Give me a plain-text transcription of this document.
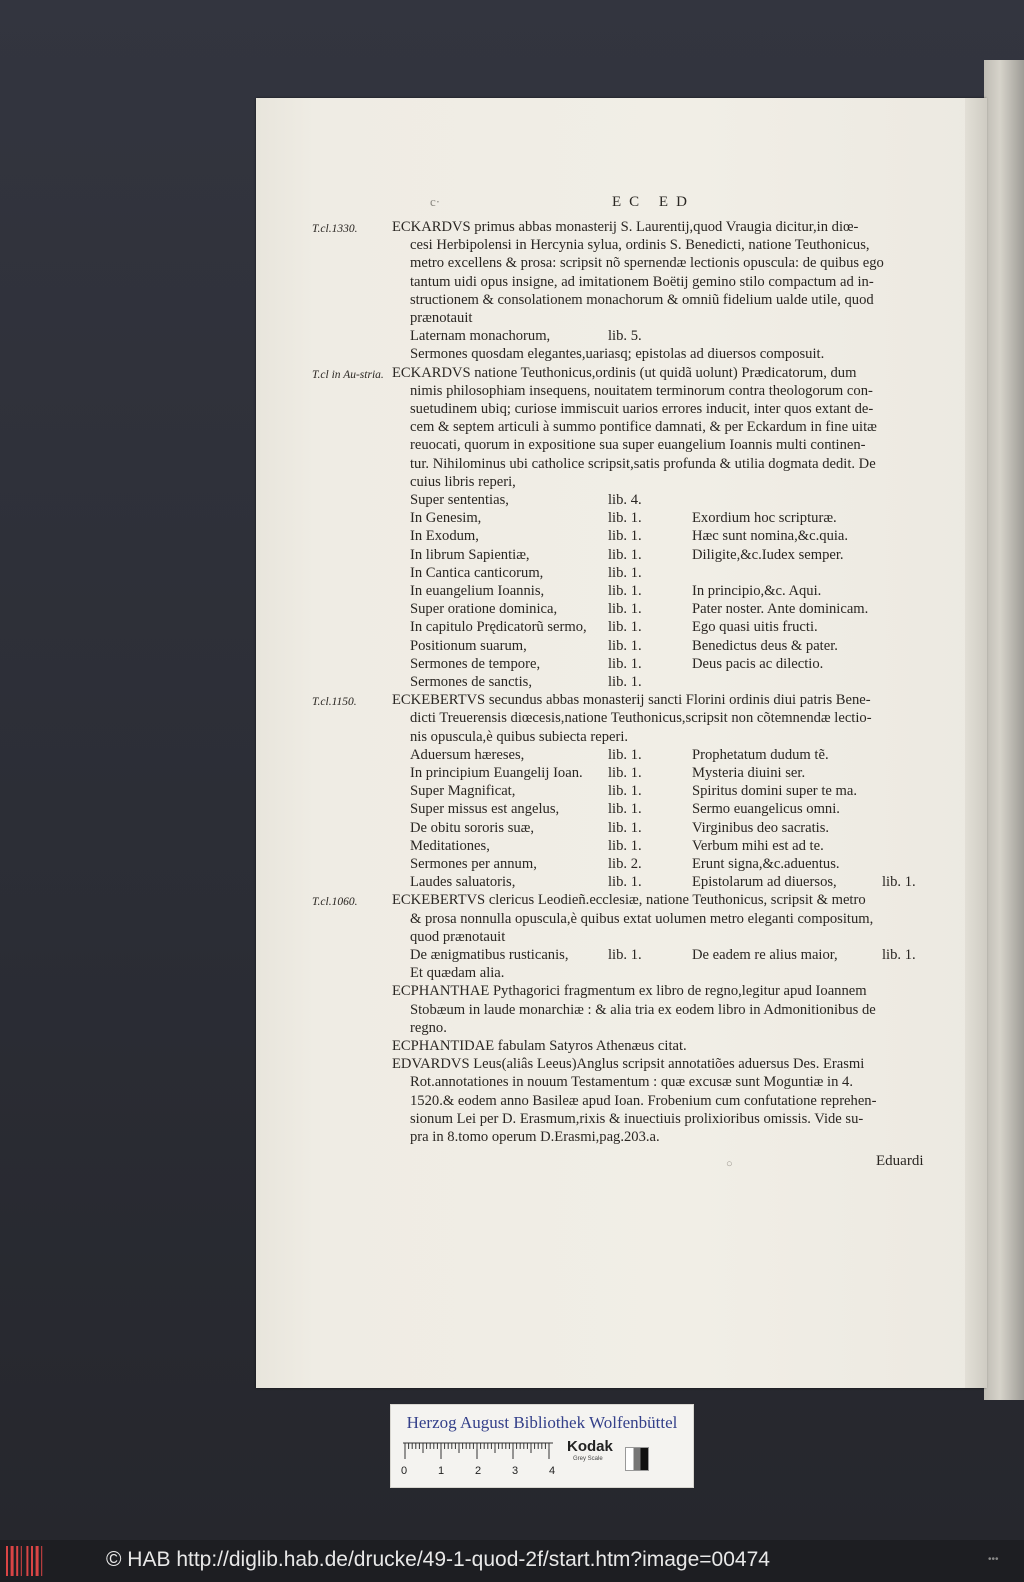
c·	EC ED
T.cl.1330.	ECKARDVS primus abbas monasterij S. Laurentij,quod Vraugia dicitur,in diœ-
cesi Herbipolensi in Hercynia sylua, ordinis S. Benedicti, natione Teuthonicus,
metro excellens & prosa: scripsit nõ spernendæ lectionis opuscula: de quibus ego
tantum uidi opus insigne, ad imitationem Boëtij gemino stilo compactum ad in-
structionem & consolationem monachorum & omniũ fidelium ualde utile, quod
prænotauit
Laternam monachorum,	lib. 5.
Sermones quosdam elegantes,uariasq; epistolas ad diuersos composuit.
T.cl in Au-stria. ECKARDVS natione Teuthonicus,ordinis (ut quidã uolunt) Prædicatorum, dum
nimis philosophiam insequens, nouitatem terminorum contra theologorum con-
suetudinem ubiq; curiose immiscuit uarios errores inducit, inter quos extant de-
cem & septem articuli à summo pontifice damnati, & per Eckardum in fine uitæ
reuocati, quorum in expositione sua super euangelium Ioannis multi continen-
tur. Nihilominus ubi catholice scripsit,satis profunda & utilia dogmata dedit. De
cuius libris reperi,
Super sententias,	lib. 4.
In Genesim,	lib. 1.	Exordium hoc scripturæ.
In Exodum,	lib. 1.	Hæc sunt nomina,&c.quia.
In librum Sapientiæ,	lib. 1.	Diligite,&c.Iudex semper.
In Cantica canticorum,	lib. 1.
In euangelium Ioannis,	lib. 1.	In principio,&c. Aqui.
Super oratione dominica,	lib. 1.	Pater noster. Ante dominicam.
In capitulo Prędicatorũ sermo, lib. 1.	Ego quasi uitis fructi.
Positionum suarum,	lib. 1.	Benedictus deus & pater.
Sermones de tempore,	lib. 1.	Deus pacis ac dilectio.
Sermones de sanctis,	lib. 1.
T.cl.1150.	ECKEBERTVS secundus abbas monasterij sancti Florini ordinis diui patris Bene-
dicti Treuerensis diœcesis,natione Teuthonicus,scripsit non cõtemnendæ lectio-
nis opuscula,è quibus subiecta reperi.
Aduersum hæreses,	lib. 1.	Prophetatum dudum tẽ.
In principium Euangelij Ioan. lib. 1.	Mysteria diuini ser.
Super Magnificat,	lib. 1.	Spiritus domini super te ma.
Super missus est angelus,	lib. 1.	Sermo euangelicus omni.
De obitu sororis suæ,	lib. 1.	Virginibus deo sacratis.
Meditationes,	lib. 1.	Verbum mihi est ad te.
Sermones per annum,	lib. 2.	Erunt signa,&c.aduentus.
Laudes saluatoris,	lib. 1.	Epistolarum ad diuersos,	lib. 1.
T.cl.1060.	ECKEBERTVS clericus Leodieñ.ecclesiæ, natione Teuthonicus, scripsit & metro
& prosa nonnulla opuscula,è quibus extat uolumen metro eleganti compositum,
quod prænotauit
De ænigmatibus rusticanis,	lib. 1.	De eadem re alius maior,	lib. 1.
Et quædam alia.
ECPHANTHAE Pythagorici fragmentum ex libro de regno,legitur apud Ioannem
Stobæum in laude monarchiæ : & alia tria ex eodem libro in Admonitionibus de
regno.
ECPHANTIDAE fabulam Satyros Athenæus citat.
EDVARDVS Leus(aliâs Leeus)Anglus scripsit annotatiões aduersus Des. Erasmi
Rot.annotationes in nouum Testamentum : quæ excusæ sunt Moguntiæ in 4.
1520.& eodem anno Basileæ apud Ioan. Frobenium cum confutatione reprehen-
sionum Lei per D. Erasmum,rixis & inuectiuis prolixioribus omissis. Vide su-
pra in 8.tomo operum D.Erasmi,pag.203.a.
○	Eduardi
Herzog August Bibliothek Wolfenbüttel
0	1	2	3	4
Kodak
Grey Scale
© HAB http://diglib.hab.de/drucke/49-1-quod-2f/start.htm?image=00474	•••
